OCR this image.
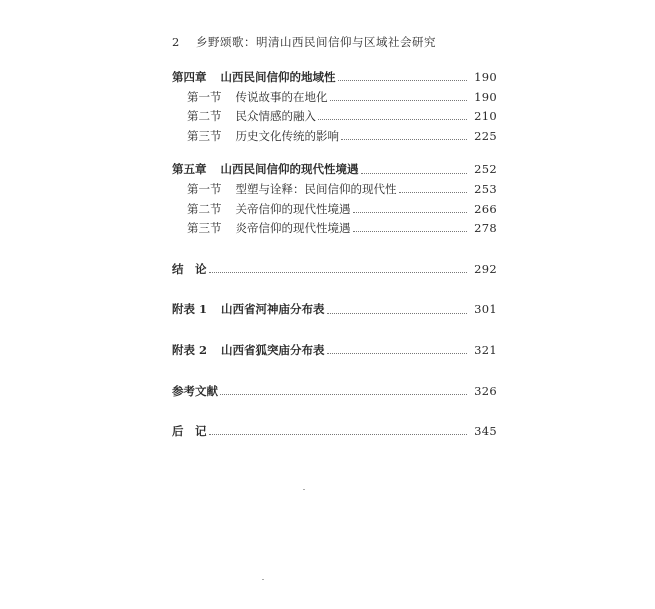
2 乡野颂歌：明清山西民间信仰与区域社会研究
第四章 山西民间信仰的地域性	190
第一节 传说故事的在地化	190
第二节 民众情感的融入	210
第三节 历史文化传统的影响	225
第五章 山西民间信仰的现代性境遇	252
第一节 型塑与诠释：民间信仰的现代性	253
第二节 关帝信仰的现代性境遇	266
第三节 炎帝信仰的现代性境遇	278
结　论	292
附表 1 山西省河神庙分布表	301
附表 2 山西省狐突庙分布表	321
参考文献	326
后　记	345
